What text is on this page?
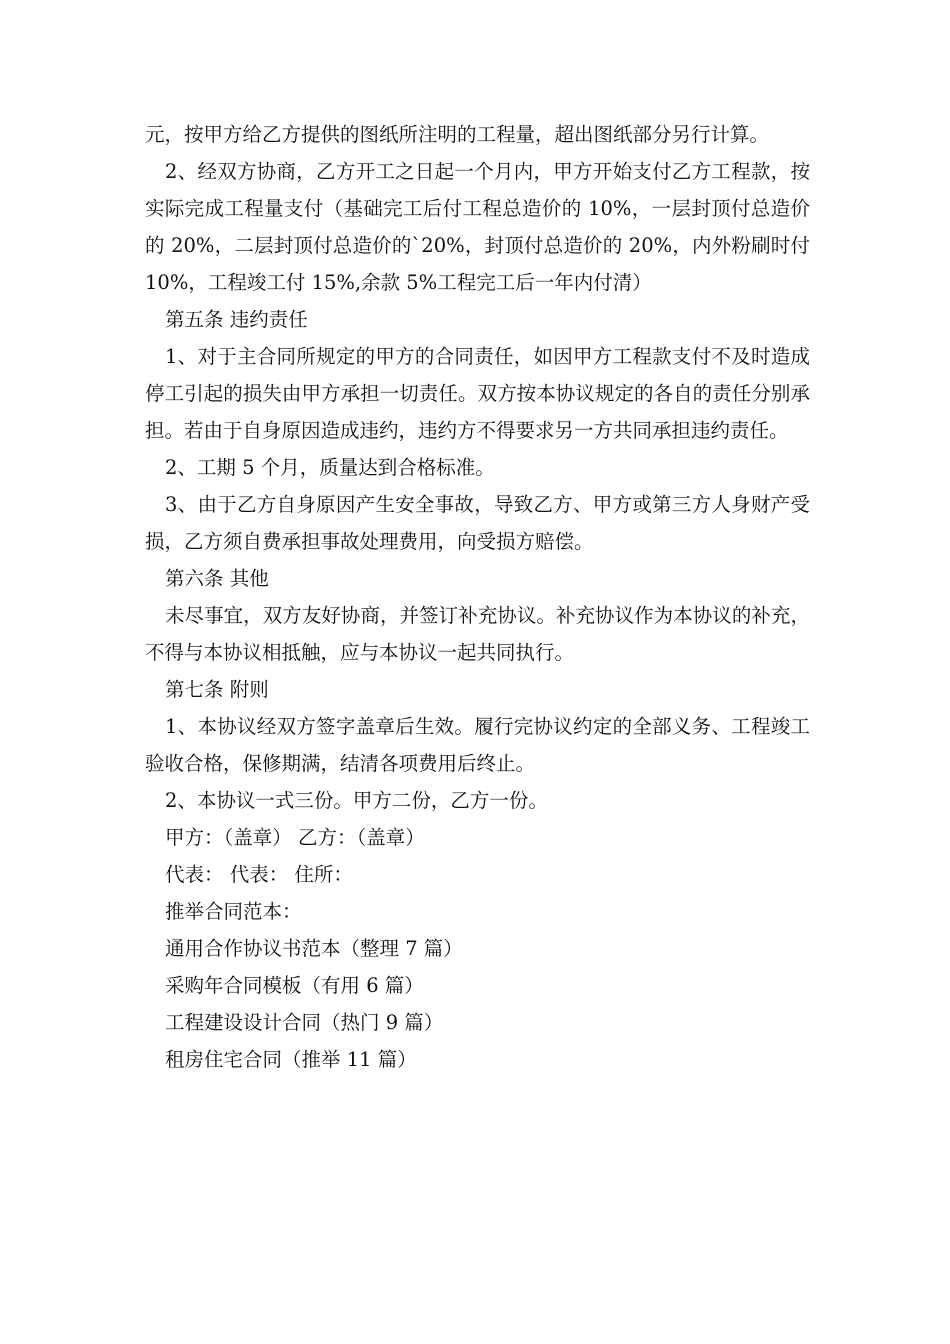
元，按甲方给乙方提供的图纸所注明的工程量，超出图纸部分另行计算。

2、经双方协商，乙方开工之日起一个月内，甲方开始支付乙方工程款，按实际完成工程量支付（基础完工后付工程总造价的 10%，一层封顶付总造价的 20%，二层封顶付总造价的`20%，封顶付总造价的 20%，内外粉刷时付 10%，工程竣工付 15%,余款 5%工程完工后一年内付清）

第五条 违约责任

1、对于主合同所规定的甲方的合同责任，如因甲方工程款支付不及时造成停工引起的损失由甲方承担一切责任。双方按本协议规定的各自的责任分别承担。若由于自身原因造成违约，违约方不得要求另一方共同承担违约责任。

2、工期 5 个月，质量达到合格标准。

3、由于乙方自身原因产生安全事故，导致乙方、甲方或第三方人身财产受损，乙方须自费承担事故处理费用，向受损方赔偿。

第六条 其他

未尽事宜，双方友好协商，并签订补充协议。补充协议作为本协议的补充，不得与本协议相抵触，应与本协议一起共同执行。

第七条 附则

1、本协议经双方签字盖章后生效。履行完协议约定的全部义务、工程竣工验收合格，保修期满，结清各项费用后终止。

2、本协议一式三份。甲方二份，乙方一份。

甲方：（盖章） 乙方：（盖章）

代表： 代表： 住所：

推举合同范本：

通用合作协议书范本（整理 7 篇）

采购年合同模板（有用 6 篇）

工程建设设计合同（热门 9 篇）

租房住宅合同（推举 11 篇）
